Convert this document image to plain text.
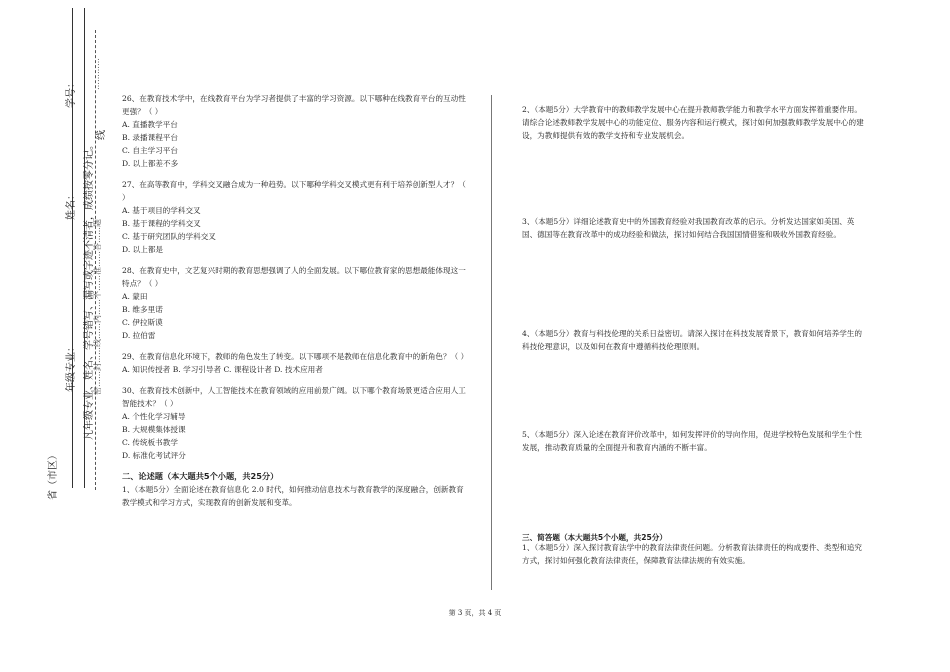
学号：
姓名：
年级专业：
省（市区）
凡年级专业、姓名、学号错写、漏写或字迹不清者，成绩按零分记。
密……封……线……内……不……准……答……题
线
…………

26、在教育技术学中，在线教育平台为学习者提供了丰富的学习资源。以下哪种在线教育平台的互动性更强？（ ）

A. 直播教学平台

B. 录播课程平台

C. 自主学习平台

D. 以上都差不多

27、在高等教育中，学科交叉融合成为一种趋势。以下哪种学科交叉模式更有利于培养创新型人才？（ ）

A. 基于项目的学科交叉

B. 基于课程的学科交叉

C. 基于研究团队的学科交叉

D. 以上都是

28、在教育史中，文艺复兴时期的教育思想强调了人的全面发展。以下哪位教育家的思想最能体现这一特点？（ ）

A. 蒙田

B. 维多里诺

C. 伊拉斯谟

D. 拉伯雷

29、在教育信息化环境下，教师的角色发生了转变。以下哪项不是教师在信息化教育中的新角色？（ ）

A. 知识传授者 B. 学习引导者 C. 课程设计者 D. 技术应用者

30、在教育技术创新中，人工智能技术在教育领域的应用前景广阔。以下哪个教育场景更适合应用人工智能技术？（ ）

A. 个性化学习辅导

B. 大规模集体授课

C. 传统板书教学

D. 标准化考试评分

二、论述题（本大题共5个小题，共25分）

1、（本题5分）全面论述在教育信息化 2.0 时代，如何推动信息技术与教育教学的深度融合，创新教育教学模式和学习方式，实现教育的创新发展和变革。

2、（本题5分）大学教育中的教师教学发展中心在提升教师教学能力和教学水平方面发挥着重要作用。请综合论述教师教学发展中心的功能定位、服务内容和运行模式，探讨如何加强教师教学发展中心的建设，为教师提供有效的教学支持和专业发展机会。
3、（本题5分）详细论述教育史中的外国教育经验对我国教育改革的启示。分析发达国家如美国、英国、德国等在教育改革中的成功经验和做法，探讨如何结合我国国情借鉴和吸收外国教育经验。
4、（本题5分）教育与科技伦理的关系日益密切。请深入探讨在科技发展背景下，教育如何培养学生的科技伦理意识，以及如何在教育中遵循科技伦理原则。
5、（本题5分）深入论述在教育评价改革中，如何发挥评价的导向作用，促进学校特色发展和学生个性发展，推动教育质量的全面提升和教育内涵的不断丰富。
三、简答题（本大题共5个小题，共25分）
1、（本题5分）深入探讨教育法学中的教育法律责任问题。分析教育法律责任的构成要件、类型和追究方式，探讨如何强化教育法律责任，保障教育法律法规的有效实施。
第 3 页，共 4 页
